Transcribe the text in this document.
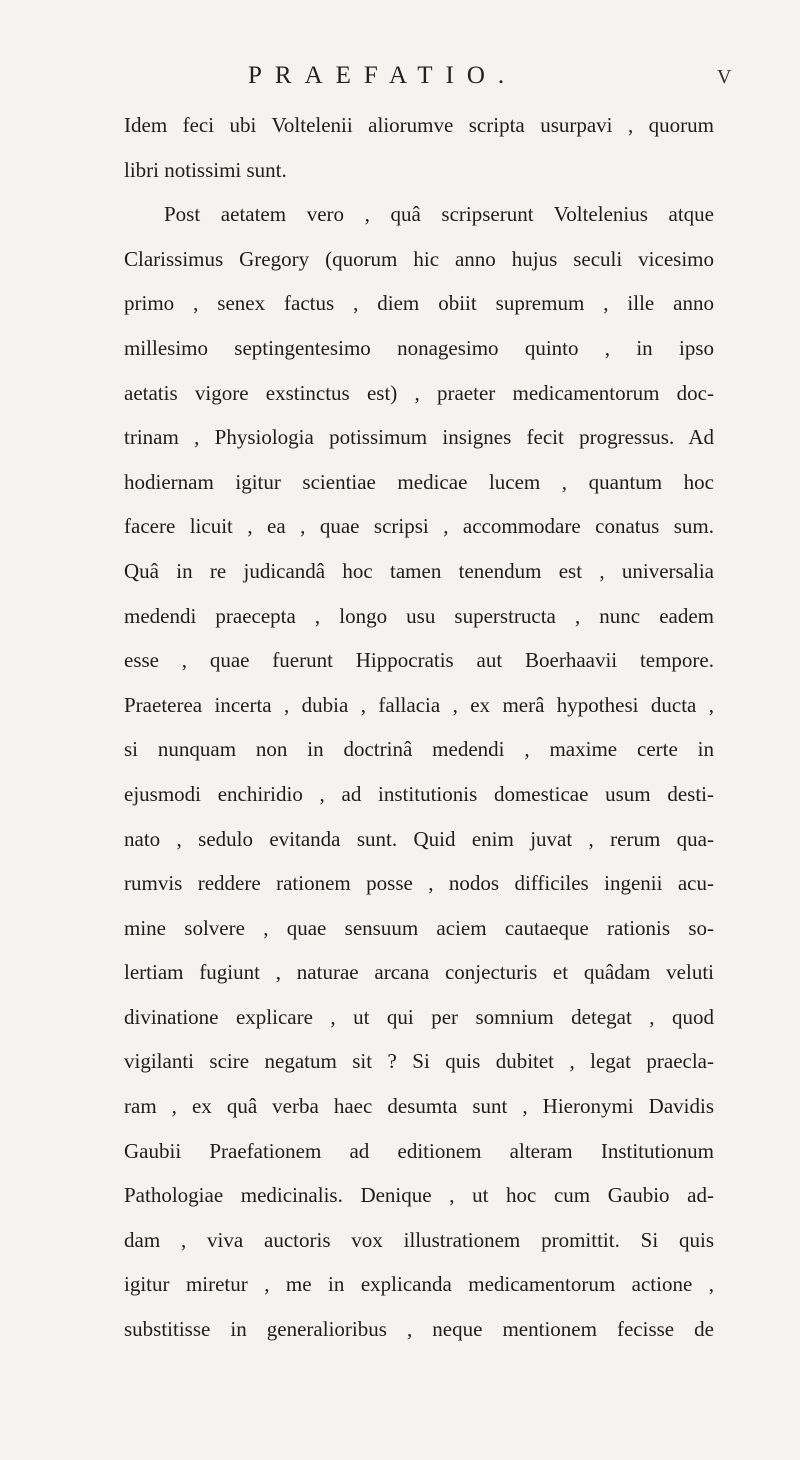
PRAEFATIO.	V
Idem feci ubi Voltelenii aliorumve scripta usurpavi , quorum
libri notissimi sunt.
Post aetatem vero , quâ scripserunt Voltelenius atque
Clarissimus Gregory (quorum hic anno hujus seculi vicesimo
primo , senex factus , diem obiit supremum , ille anno
millesimo septingentesimo nonagesimo quinto , in ipso
aetatis vigore exstinctus est) , praeter medicamentorum doc-
trinam , Physiologia potissimum insignes fecit progressus. Ad
hodiernam igitur scientiae medicae lucem , quantum hoc
facere licuit , ea , quae scripsi , accommodare conatus sum.
Quâ in re judicandâ hoc tamen tenendum est , universalia
medendi praecepta , longo usu superstructa , nunc eadem
esse , quae fuerunt Hippocratis aut Boerhaavii tempore.
Praeterea incerta , dubia , fallacia , ex merâ hypothesi ducta ,
si nunquam non in doctrinâ medendi , maxime certe in
ejusmodi enchiridio , ad institutionis domesticae usum desti-
nato , sedulo evitanda sunt. Quid enim juvat , rerum qua-
rumvis reddere rationem posse , nodos difficiles ingenii acu-
mine solvere , quae sensuum aciem cautaeque rationis so-
lertiam fugiunt , naturae arcana conjecturis et quâdam veluti
divinatione explicare , ut qui per somnium detegat , quod
vigilanti scire negatum sit ? Si quis dubitet , legat praecla-
ram , ex quâ verba haec desumta sunt , Hieronymi Davidis
Gaubii Praefationem ad editionem alteram Institutionum
Pathologiae medicinalis. Denique , ut hoc cum Gaubio ad-
dam , viva auctoris vox illustrationem promittit. Si quis
igitur miretur , me in explicanda medicamentorum actione ,
substitisse in generalioribus , neque mentionem fecisse de
